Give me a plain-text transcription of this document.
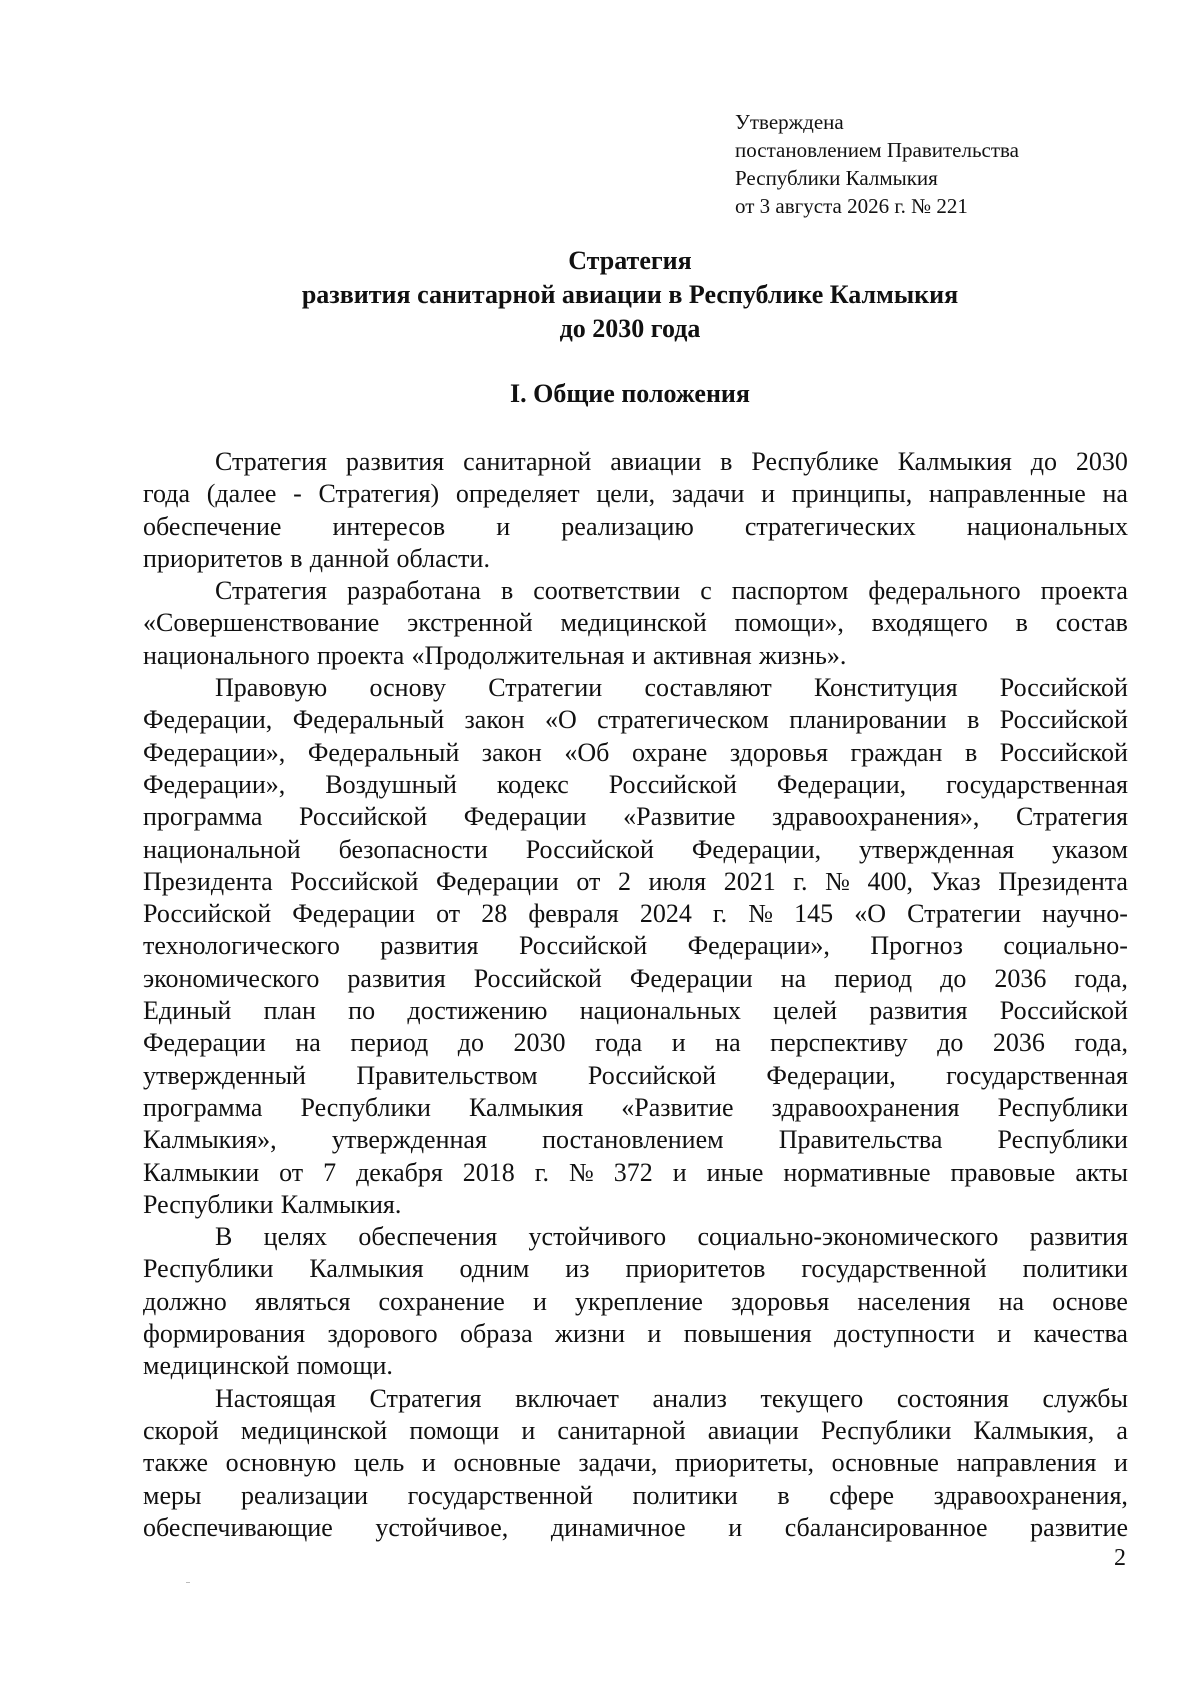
Утверждена
постановлением Правительства
Республики Калмыкия
от 3 августа 2026 г. № 221
Стратегия
развития санитарной авиации в Республике Калмыкия
до 2030 года
I. Общие положения
Стратегия развития санитарной авиации в Республике Калмыкия до 2030
года (далее - Стратегия) определяет цели, задачи и принципы, направленные на
обеспечение интересов и реализацию стратегических национальных
приоритетов в данной области.
Стратегия разработана в соответствии с паспортом федерального проекта
«Совершенствование экстренной медицинской помощи», входящего в состав
национального проекта «Продолжительная и активная жизнь».
Правовую основу Стратегии составляют Конституция Российской
Федерации, Федеральный закон «О стратегическом планировании в Российской
Федерации», Федеральный закон «Об охране здоровья граждан в Российской
Федерации», Воздушный кодекс Российской Федерации, государственная
программа Российской Федерации «Развитие здравоохранения», Стратегия
национальной безопасности Российской Федерации, утвержденная указом
Президента Российской Федерации от 2 июля 2021 г. № 400, Указ Президента
Российской Федерации от 28 февраля 2024 г. № 145 «О Стратегии научно-
технологического развития Российской Федерации», Прогноз социально-
экономического развития Российской Федерации на период до 2036 года,
Единый план по достижению национальных целей развития Российской
Федерации на период до 2030 года и на перспективу до 2036 года,
утвержденный Правительством Российской Федерации, государственная
программа Республики Калмыкия «Развитие здравоохранения Республики
Калмыкия», утвержденная постановлением Правительства Республики
Калмыкии от 7 декабря 2018 г. № 372 и иные нормативные правовые акты
Республики Калмыкия.
В целях обеспечения устойчивого социально-экономического развития
Республики Калмыкия одним из приоритетов государственной политики
должно являться сохранение и укрепление здоровья населения на основе
формирования здорового образа жизни и повышения доступности и качества
медицинской помощи.
Настоящая Стратегия включает анализ текущего состояния службы
скорой медицинской помощи и санитарной авиации Республики Калмыкия, а
также основную цель и основные задачи, приоритеты, основные направления и
меры реализации государственной политики в сфере здравоохранения,
обеспечивающие устойчивое, динамичное и сбалансированное развитие
2
